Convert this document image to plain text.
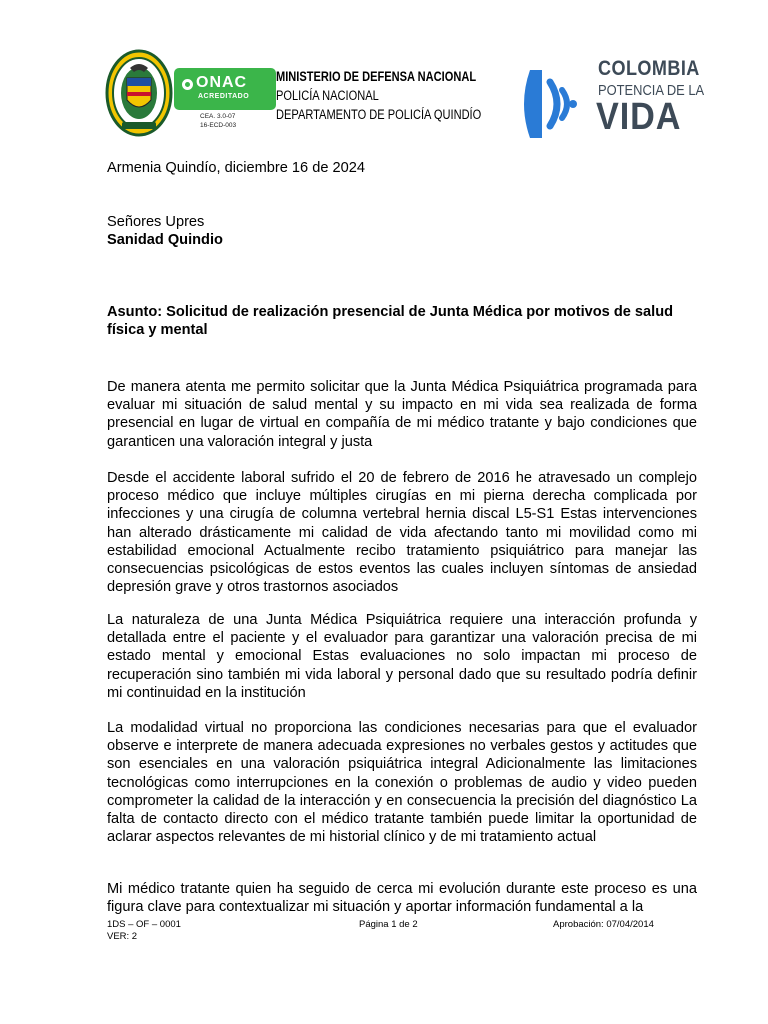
ONAC
ACREDITADO
CEA. 3.0-07
16-ECD-003
MINISTERIO DE DEFENSA NACIONAL
POLICÍA NACIONAL
DEPARTAMENTO DE POLICÍA QUINDÍO
COLOMBIA
POTENCIA DE LA
VIDA
Armenia Quindío, diciembre 16 de 2024
Señores Upres
Sanidad Quindio
Asunto: Solicitud de realización presencial de Junta Médica por motivos de salud física y mental
De manera atenta me permito solicitar que la Junta Médica Psiquiátrica programada para evaluar mi situación de salud mental y su impacto en mi vida sea realizada de forma presencial en lugar de virtual en compañía de mi médico tratante y bajo condiciones que garanticen una valoración integral y justa
Desde el accidente laboral sufrido el 20 de febrero de 2016 he atravesado un complejo proceso médico que incluye múltiples cirugías en mi pierna derecha complicada por infecciones y una cirugía de columna vertebral hernia discal L5-S1 Estas intervenciones han alterado drásticamente mi calidad de vida afectando tanto mi movilidad como mi estabilidad emocional Actualmente recibo tratamiento psiquiátrico para manejar las consecuencias psicológicas de estos eventos las cuales incluyen síntomas de ansiedad depresión grave y otros trastornos asociados
La naturaleza de una Junta Médica Psiquiátrica requiere una interacción profunda y detallada entre el paciente y el evaluador para garantizar una valoración precisa de mi estado mental y emocional Estas evaluaciones no solo impactan mi proceso de recuperación sino también mi vida laboral y personal dado que su resultado podría definir mi continuidad en la institución
La modalidad virtual no proporciona las condiciones necesarias para que el evaluador observe e interprete de manera adecuada expresiones no verbales gestos y actitudes que son esenciales en una valoración psiquiátrica integral Adicionalmente las limitaciones tecnológicas como interrupciones en la conexión o problemas de audio y video pueden comprometer la calidad de la interacción y en consecuencia la precisión del diagnóstico La falta de contacto directo con el médico tratante también puede limitar la oportunidad de aclarar aspectos relevantes de mi historial clínico y de mi tratamiento actual
Mi médico tratante quien ha seguido de cerca mi evolución durante este proceso es una figura clave para contextualizar mi situación y aportar información fundamental a la
1DS – OF – 0001
VER: 2
Página 1 de 2	Aprobación: 07/04/2014
